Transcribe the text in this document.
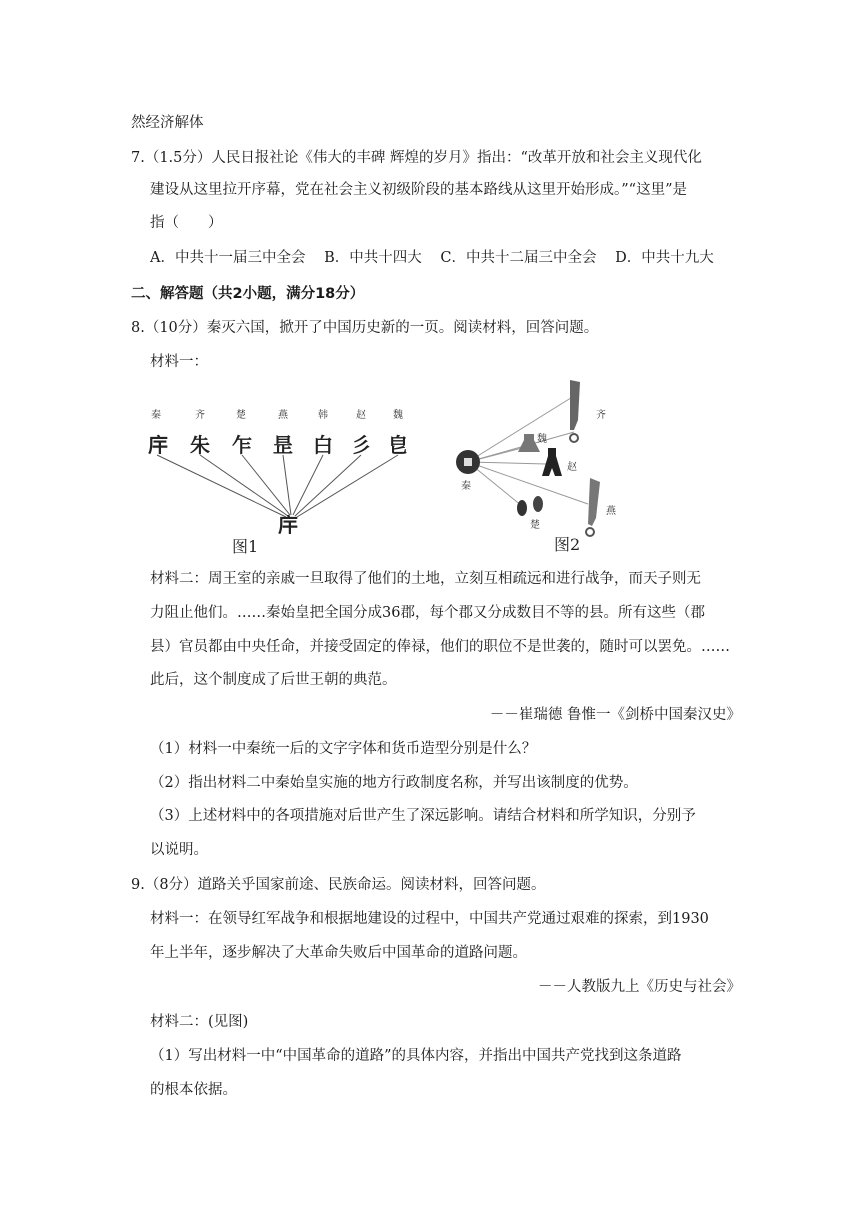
然经济解体
7.（1.5分）人民日报社论《伟大的丰碑 辉煌的岁月》指出：“改革开放和社会主义现代化
建设从这里拉开序幕，党在社会主义初级阶段的基本路线从这里开始形成。”“这里”是
指（　　）
A．中共十一届三中全会 B．中共十四大 C．中共十二届三中全会 D．中共十九大
二、解答题（共2小题，满分18分）
8.（10分）秦灭六国，掀开了中国历史新的一页。阅读材料，回答问题。
材料一：
秦	齐	楚	燕	韩	赵	魏
𢇛 朱 乍 昰 白 彡 皀
𢇛
图1
秦
齐
魏
赵
燕
楚
图2
材料二：周王室的亲戚一旦取得了他们的土地，立刻互相疏远和进行战争，而天子则无
力阻止他们。……秦始皇把全国分成36郡，每个郡又分成数目不等的县。所有这些（郡
县）官员都由中央任命，并接受固定的俸禄，他们的职位不是世袭的，随时可以罢免。……
此后，这个制度成了后世王朝的典范。
－－崔瑞德 鲁惟一《剑桥中国秦汉史》
（1）材料一中秦统一后的文字字体和货币造型分别是什么？
（2）指出材料二中秦始皇实施的地方行政制度名称，并写出该制度的优势。
（3）上述材料中的各项措施对后世产生了深远影响。请结合材料和所学知识，分别予
以说明。
9.（8分）道路关乎国家前途、民族命运。阅读材料，回答问题。
材料一：在领导红军战争和根据地建设的过程中，中国共产党通过艰难的探索，到1930
年上半年，逐步解决了大革命失败后中国革命的道路问题。
－－人教版九上《历史与社会》
材料二：(见图)
（1）写出材料一中“中国革命的道路”的具体内容，并指出中国共产党找到这条道路
的根本依据。
